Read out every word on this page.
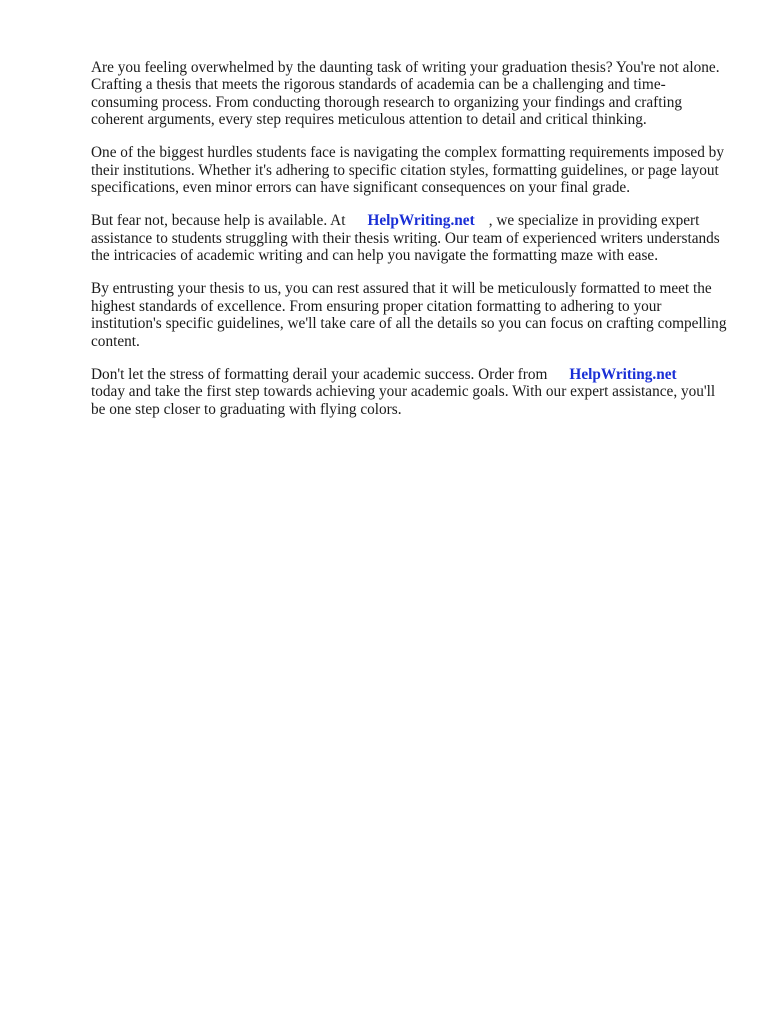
Are you feeling overwhelmed by the daunting task of writing your graduation thesis? You're not alone. Crafting a thesis that meets the rigorous standards of academia can be a challenging and time-consuming process. From conducting thorough research to organizing your findings and crafting coherent arguments, every step requires meticulous attention to detail and critical thinking.

One of the biggest hurdles students face is navigating the complex formatting requirements imposed by their institutions. Whether it's adhering to specific citation styles, formatting guidelines, or page layout specifications, even minor errors can have significant consequences on your final grade.

But fear not, because help is available. At HelpWriting.net , we specialize in providing expert assistance to students struggling with their thesis writing. Our team of experienced writers understands the intricacies of academic writing and can help you navigate the formatting maze with ease.

By entrusting your thesis to us, you can rest assured that it will be meticulously formatted to meet the highest standards of excellence. From ensuring proper citation formatting to adhering to your institution's specific guidelines, we'll take care of all the details so you can focus on crafting compelling content.

Don't let the stress of formatting derail your academic success. Order from HelpWriting.net
today and take the first step towards achieving your academic goals. With our expert assistance, you'll be one step closer to graduating with flying colors.
